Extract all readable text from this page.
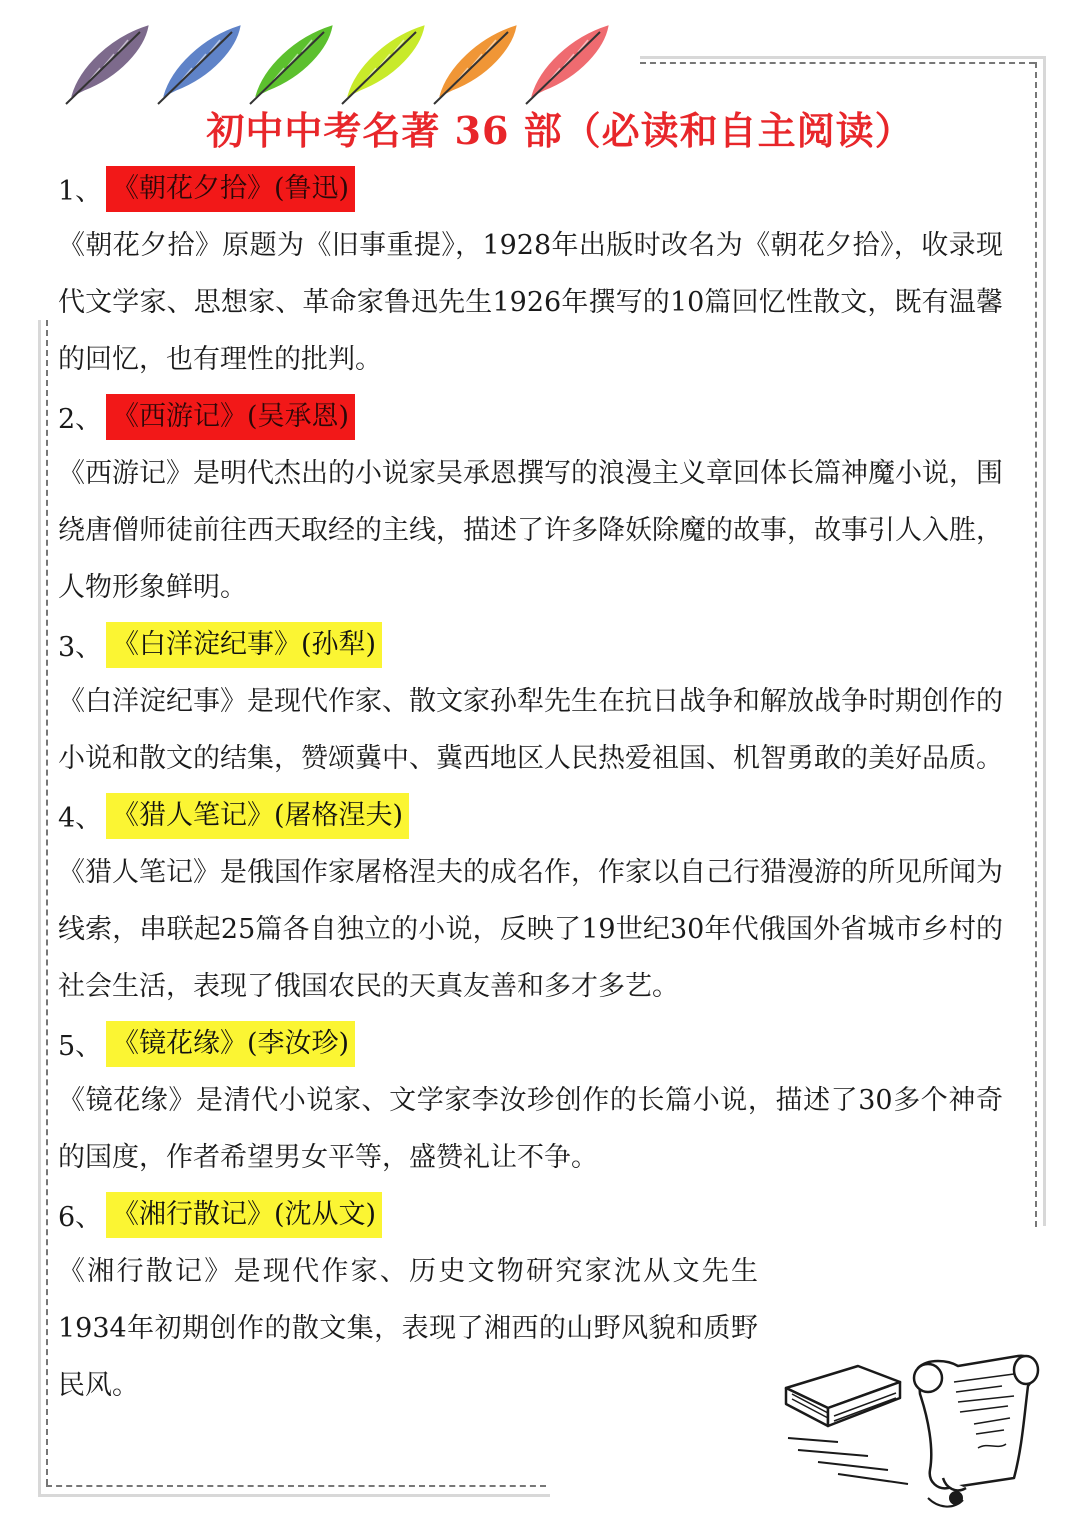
初中中考名著 36 部（必读和自主阅读）
1、 《朝花夕拾》(鲁迅)

《朝花夕拾》原题为《旧事重提》，1928年出版时改名为《朝花夕拾》，收录现代文学家、思想家、革命家鲁迅先生1926年撰写的10篇回忆性散文，既有温馨的回忆，也有理性的批判。

2、 《西游记》(吴承恩)

《西游记》是明代杰出的小说家吴承恩撰写的浪漫主义章回体长篇神魔小说，围绕唐僧师徒前往西天取经的主线，描述了许多降妖除魔的故事，故事引人入胜，人物形象鲜明。

3、 《白洋淀纪事》(孙犁)

《白洋淀纪事》是现代作家、散文家孙犁先生在抗日战争和解放战争时期创作的小说和散文的结集，赞颂冀中、冀西地区人民热爱祖国、机智勇敢的美好品质。

4、 《猎人笔记》(屠格涅夫)

《猎人笔记》是俄国作家屠格涅夫的成名作，作家以自己行猎漫游的所见所闻为线索，串联起25篇各自独立的小说，反映了19世纪30年代俄国外省城市乡村的社会生活，表现了俄国农民的天真友善和多才多艺。

5、 《镜花缘》(李汝珍)

《镜花缘》是清代小说家、文学家李汝珍创作的长篇小说，描述了30多个神奇的国度，作者希望男女平等，盛赞礼让不争。

6、 《湘行散记》(沈从文)

《湘行散记》是现代作家、历史文物研究家沈从文先生1934年初期创作的散文集，表现了湘西的山野风貌和质野民风。
